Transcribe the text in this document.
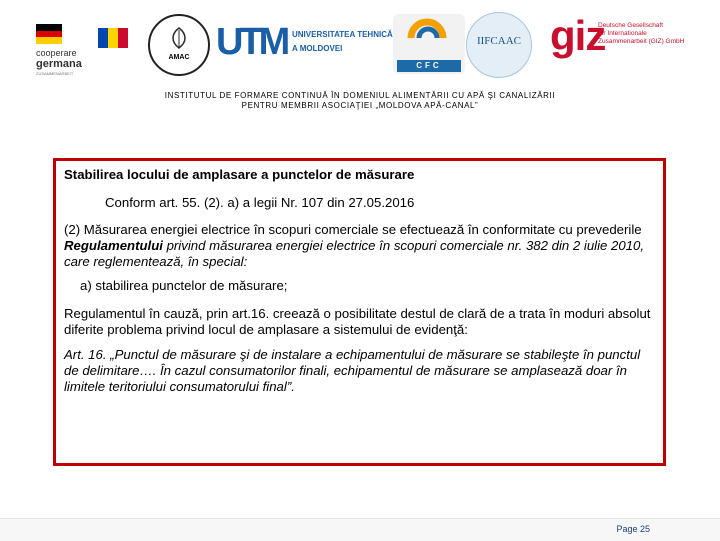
cooperare
germana
ZUSAMMENARBEIT
AMAC UTM UNIVERSITATEA TEHNICĂ
A MOLDOVEI
CFC
IIFCAAC giz
Deutsche Gesellschaft
für Internationale
Zusammenarbeit (GIZ) GmbH
INSTITUTUL DE FORMARE CONTINUĂ ÎN DOMENIUL ALIMENTĂRII CU APĂ ŞI CANALIZĂRII
PENTRU MEMBRII ASOCIAŢIEI „MOLDOVA APĂ-CANAL”

Stabilirea locului de amplasare a punctelor de măsurare

Conform art. 55. (2). a) a legii Nr. 107 din 27.05.2016

(2) Măsurarea energiei electrice în scopuri comerciale se efectuează în conformitate cu prevederile Regulamentului privind măsurarea energiei electrice în scopuri comerciale nr. 382 din 2 iulie 2010, care reglementează, în special:

a) stabilirea punctelor de măsurare;

Regulamentul în cauză, prin art.16. creează o posibilitate destul de clară de a trata în moduri absolut diferite problema privind locul de amplasare a sistemului de evidenţă:

Art. 16. „Punctul de măsurare şi de instalare a echipamentului de măsurare se stabileşte în punctul de delimitare…. În cazul consumatorilor finali, echipamentul de măsurare se amplasează doar în limitele teritoriului consumatorului final”.

Page 25
